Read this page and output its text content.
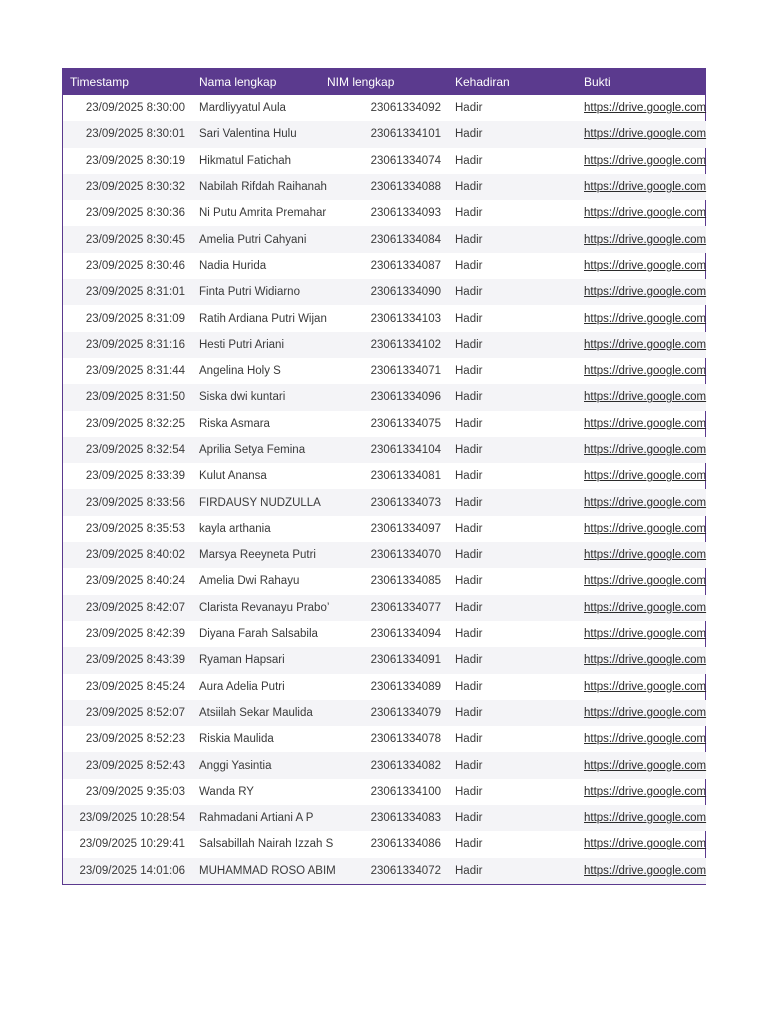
Timestamp	Nama lengkap	NIM lengkap	Kehadiran	Bukti
23/09/2025 8:30:00	Mardliyyatul Aula	23061334092	Hadir	https://drive.google.com
23/09/2025 8:30:01	Sari Valentina Hulu	23061334101	Hadir	https://drive.google.com
23/09/2025 8:30:19	Hikmatul Fatichah	23061334074	Hadir	https://drive.google.com
23/09/2025 8:30:32	Nabilah Rifdah Raihanah	23061334088	Hadir	https://drive.google.com
23/09/2025 8:30:36	Ni Putu Amrita Premahar	23061334093	Hadir	https://drive.google.com
23/09/2025 8:30:45	Amelia Putri Cahyani	23061334084	Hadir	https://drive.google.com
23/09/2025 8:30:46	Nadia Hurida	23061334087	Hadir	https://drive.google.com
23/09/2025 8:31:01	Finta Putri Widiarno	23061334090	Hadir	https://drive.google.com
23/09/2025 8:31:09	Ratih Ardiana Putri Wijan	23061334103	Hadir	https://drive.google.com
23/09/2025 8:31:16	Hesti Putri Ariani	23061334102	Hadir	https://drive.google.com
23/09/2025 8:31:44	Angelina Holy S	23061334071	Hadir	https://drive.google.com
23/09/2025 8:31:50	Siska dwi kuntari	23061334096	Hadir	https://drive.google.com
23/09/2025 8:32:25	Riska Asmara	23061334075	Hadir	https://drive.google.com
23/09/2025 8:32:54	Aprilia Setya Femina	23061334104	Hadir	https://drive.google.com
23/09/2025 8:33:39	Kulut Anansa	23061334081	Hadir	https://drive.google.com
23/09/2025 8:33:56	FIRDAUSY NUDZULLA	23061334073	Hadir	https://drive.google.com
23/09/2025 8:35:53	kayla arthania	23061334097	Hadir	https://drive.google.com
23/09/2025 8:40:02	Marsya Reeyneta Putri	23061334070	Hadir	https://drive.google.com
23/09/2025 8:40:24	Amelia Dwi Rahayu	23061334085	Hadir	https://drive.google.com
23/09/2025 8:42:07	Clarista Revanayu Prabo’	23061334077	Hadir	https://drive.google.com
23/09/2025 8:42:39	Diyana Farah Salsabila	23061334094	Hadir	https://drive.google.com
23/09/2025 8:43:39	Ryaman Hapsari	23061334091	Hadir	https://drive.google.com
23/09/2025 8:45:24	Aura Adelia Putri	23061334089	Hadir	https://drive.google.com
23/09/2025 8:52:07	Atsiilah Sekar Maulida	23061334079	Hadir	https://drive.google.com
23/09/2025 8:52:23	Riskia Maulida	23061334078	Hadir	https://drive.google.com
23/09/2025 8:52:43	Anggi Yasintia	23061334082	Hadir	https://drive.google.com
23/09/2025 9:35:03	Wanda RY	23061334100	Hadir	https://drive.google.com
23/09/2025 10:28:54	Rahmadani Artiani A P	23061334083	Hadir	https://drive.google.com
23/09/2025 10:29:41	Salsabillah Nairah Izzah S	23061334086	Hadir	https://drive.google.com
23/09/2025 14:01:06	MUHAMMAD ROSO ABIM	23061334072	Hadir	https://drive.google.com
